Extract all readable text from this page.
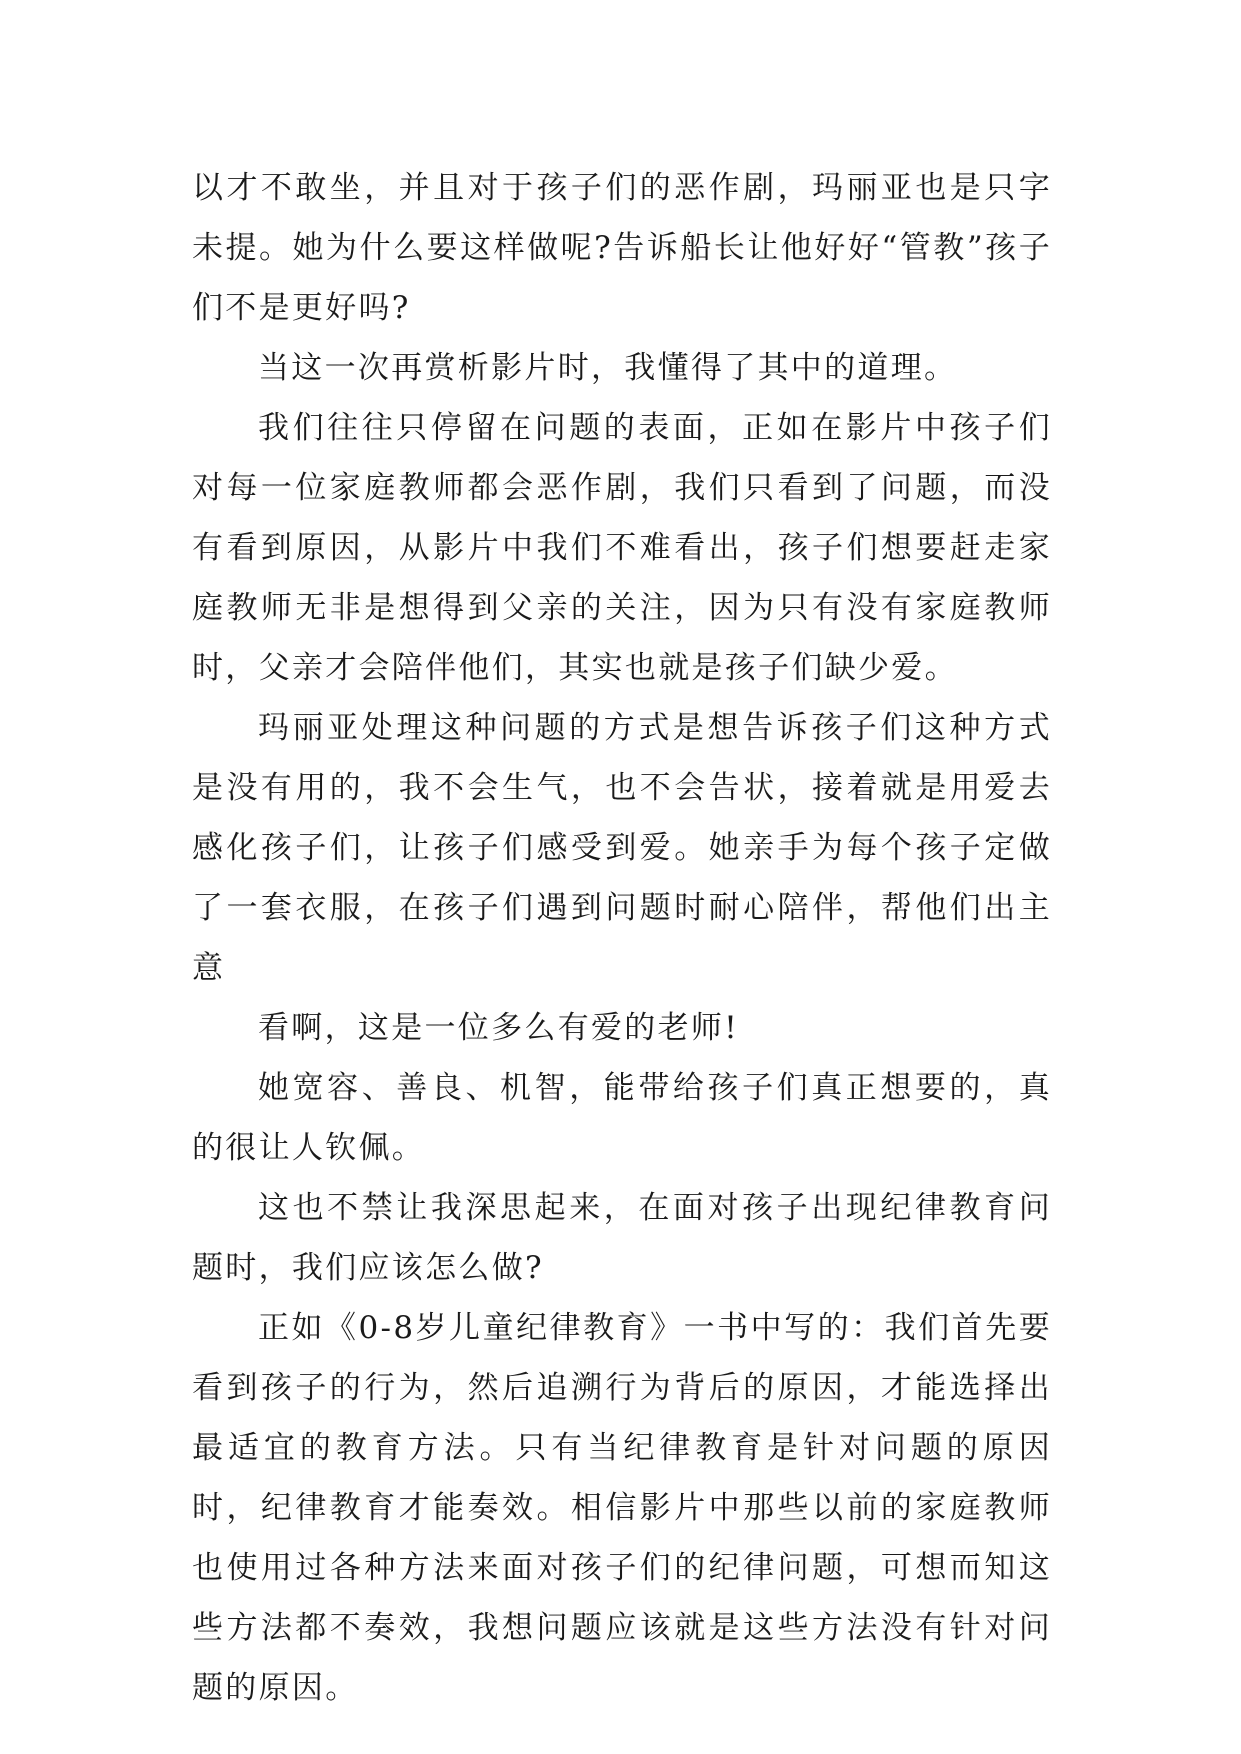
以才不敢坐，并且对于孩子们的恶作剧，玛丽亚也是只字未提。她为什么要这样做呢?告诉船长让他好好“管教”孩子们不是更好吗?

当这一次再赏析影片时，我懂得了其中的道理。

我们往往只停留在问题的表面，正如在影片中孩子们对每一位家庭教师都会恶作剧，我们只看到了问题，而没有看到原因，从影片中我们不难看出，孩子们想要赶走家庭教师无非是想得到父亲的关注，因为只有没有家庭教师时，父亲才会陪伴他们，其实也就是孩子们缺少爱。

玛丽亚处理这种问题的方式是想告诉孩子们这种方式是没有用的，我不会生气，也不会告状，接着就是用爱去感化孩子们，让孩子们感受到爱。她亲手为每个孩子定做了一套衣服，在孩子们遇到问题时耐心陪伴，帮他们出主意

看啊，这是一位多么有爱的老师!

她宽容、善良、机智，能带给孩子们真正想要的，真的很让人钦佩。

这也不禁让我深思起来，在面对孩子出现纪律教育问题时，我们应该怎么做?

正如《0-8岁儿童纪律教育》一书中写的：我们首先要看到孩子的行为，然后追溯行为背后的原因，才能选择出最适宜的教育方法。只有当纪律教育是针对问题的原因时，纪律教育才能奏效。相信影片中那些以前的家庭教师也使用过各种方法来面对孩子们的纪律问题，可想而知这些方法都不奏效，我想问题应该就是这些方法没有针对问题的原因。
